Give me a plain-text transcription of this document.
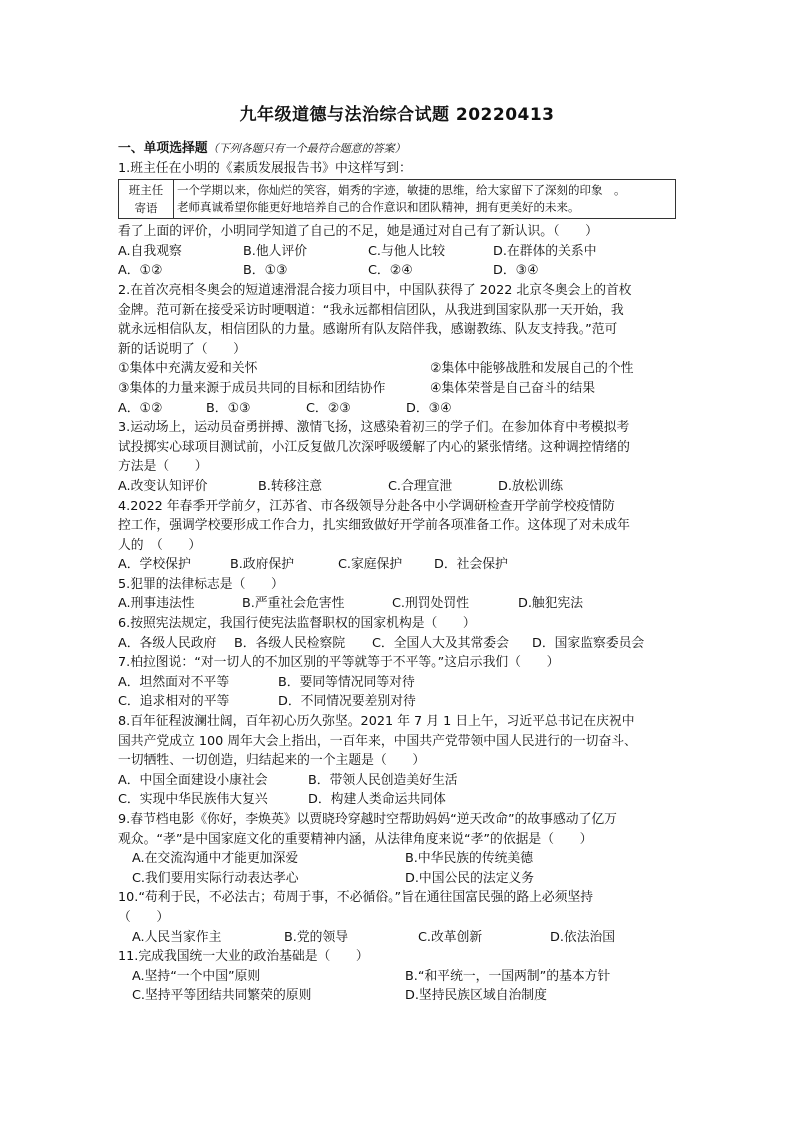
九年级道德与法治综合试题 20220413
一、单项选择题（下列各题只有一个最符合题意的答案）
1.班主任在小明的《素质发展报告书》中这样写到：
班主任
寄语	一个学期以来，你灿烂的笑容，娟秀的字迹，敏捷的思维，给大家留下了深刻的印象　。
老师真诚希望你能更好地培养自己的合作意识和团队精神，拥有更美好的未来。
看了上面的评价，小明同学知道了自己的不足，她是通过对自己有了新认识。（　　）
A.自我观察	B.他人评价	C.与他人比较	D.在群体的关系中
A．①②	B．①③	C．②④	D．③④
2.在首次亮相冬奥会的短道速滑混合接力项目中，中国队获得了 2022 北京冬奥会上的首枚
金牌。范可新在接受采访时哽咽道：“我永远都相信团队，从我进到国家队那一天开始，我
就永远相信队友，相信团队的力量。感谢所有队友陪伴我，感谢教练、队友支持我。”范可
新的话说明了（　　）
①集体中充满友爱和关怀	②集体中能够战胜和发展自己的个性
③集体的力量来源于成员共同的目标和团结协作	④集体荣誉是自己奋斗的结果
A．①②	B．①③	C．②③	D．③④
3.运动场上，运动员奋勇拼搏、激情飞扬，这感染着初三的学子们。在参加体育中考模拟考
试投掷实心球项目测试前，小江反复做几次深呼吸缓解了内心的紧张情绪。这种调控情绪的
方法是（　　）
A.改变认知评价	B.转移注意	C.合理宣泄	D.放松训练
4.2022 年春季开学前夕，江苏省、市各级领导分赴各中小学调研检查开学前学校疫情防
控工作，强调学校要形成工作合力，扎实细致做好开学前各项准备工作。这体现了对未成年
人的　（　　）
A．学校保护	B.政府保护	C.家庭保护	D．社会保护
5.犯罪的法律标志是（　　）
A.刑事违法性	B.严重社会危害性	C.刑罚处罚性	D.触犯宪法
6.按照宪法规定，我国行使宪法监督职权的国家机构是（　　）
A．各级人民政府	B．各级人民检察院	C．全国人大及其常委会	D．国家监察委员会
7.柏拉图说：“对一切人的不加区别的平等就等于不平等。”这启示我们（　　）
A．坦然面对不平等	B．要同等情况同等对待
C．追求相对的平等	D．不同情况要差别对待
8.百年征程波澜壮阔，百年初心历久弥坚。2021 年 7 月 1 日上午，习近平总书记在庆祝中
国共产党成立 100 周年大会上指出，一百年来，中国共产党带领中国人民进行的一切奋斗、
一切牺牲、一切创造，归结起来的一个主题是（　　）
A．中国全面建设小康社会	B．带领人民创造美好生活
C．实现中华民族伟大复兴	D．构建人类命运共同体
9.春节档电影《你好，李焕英》以贾晓玲穿越时空帮助妈妈“逆天改命”的故事感动了亿万
观众。“孝”是中国家庭文化的重要精神内涵，从法律角度来说“孝”的依据是（　　）
A.在交流沟通中才能更加深爱	B.中华民族的传统美德
C.我们要用实际行动表达孝心	D.中国公民的法定义务
10.“苟利于民，不必法古；苟周于事，不必循俗。”旨在通往国富民强的路上必须坚持
（　　）
A.人民当家作主	B.党的领导	C.改革创新	D.依法治国
11.完成我国统一大业的政治基础是（　　）
A.坚持“一个中国”原则	B.“和平统一，一国两制”的基本方针
C.坚持平等团结共同繁荣的原则	D.坚持民族区域自治制度
